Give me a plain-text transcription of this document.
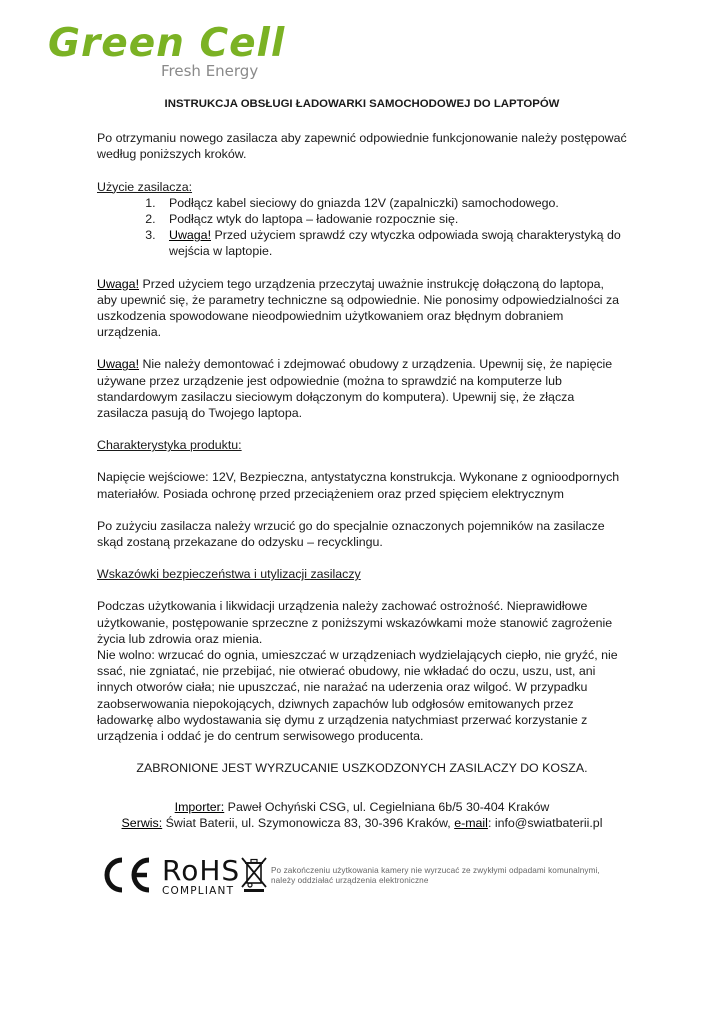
Green Cell
Fresh Energy

INSTRUKCJA OBSŁUGI ŁADOWARKI SAMOCHODOWEJ DO LAPTOPÓW

Po otrzymaniu nowego zasilacza aby zapewnić odpowiednie funkcjonowanie należy postępować według poniższych kroków.

Użycie zasilacza:

1. Podłącz kabel sieciowy do gniazda 12V (zapalniczki) samochodowego.
2. Podłącz wtyk do laptopa – ładowanie rozpocznie się.
3. Uwaga! Przed użyciem sprawdź czy wtyczka odpowiada swoją charakterystyką do wejścia w laptopie.

Uwaga! Przed użyciem tego urządzenia przeczytaj uważnie instrukcję dołączoną do laptopa, aby upewnić się, że parametry techniczne są odpowiednie. Nie ponosimy odpowiedzialności za uszkodzenia spowodowane nieodpowiednim użytkowaniem oraz błędnym dobraniem urządzenia.

Uwaga! Nie należy demontować i zdejmować obudowy z urządzenia. Upewnij się, że napięcie używane przez urządzenie jest odpowiednie (można to sprawdzić na komputerze lub standardowym zasilaczu sieciowym dołączonym do komputera). Upewnij się, że złącza zasilacza pasują do Twojego laptopa.

Charakterystyka produktu:

Napięcie wejściowe: 12V, Bezpieczna, antystatyczna konstrukcja. Wykonane z ognioodpornych materiałów. Posiada ochronę przed przeciążeniem oraz przed spięciem elektrycznym

Po zużyciu zasilacza należy wrzucić go do specjalnie oznaczonych pojemników na zasilacze skąd zostaną przekazane do odzysku – recycklingu.

Wskazówki bezpieczeństwa i utylizacji zasilaczy

Podczas użytkowania i likwidacji urządzenia należy zachować ostrożność. Nieprawidłowe użytkowanie, postępowanie sprzeczne z poniższymi wskazówkami może stanowić zagrożenie życia lub zdrowia oraz mienia.

Nie wolno: wrzucać do ognia, umieszczać w urządzeniach wydzielających ciepło, nie gryźć, nie ssać, nie zgniatać, nie przebijać, nie otwierać obudowy, nie wkładać do oczu, uszu, ust, ani innych otworów ciała; nie upuszczać, nie narażać na uderzenia oraz wilgoć. W przypadku zaobserwowania niepokojących, dziwnych zapachów lub odgłosów emitowanych przez ładowarkę albo wydostawania się dymu z urządzenia natychmiast przerwać korzystanie z urządzenia i oddać je do centrum serwisowego producenta.

ZABRONIONE JEST WYRZUCANIE USZKODZONYCH ZASILACZY DO KOSZA.

Importer: Paweł Ochyński CSG, ul. Cegielniana 6b/5 30-404 Kraków

Serwis: Świat Baterii, ul. Szymonowicza 83, 30-396 Kraków, e-mail: info@swiatbaterii.pl

RoHS
COMPLIANT
Po zakończeniu użytkowania kamery nie wyrzucać ze zwykłymi odpadami komunalnymi, należy oddziałać urządzenia elektroniczne
